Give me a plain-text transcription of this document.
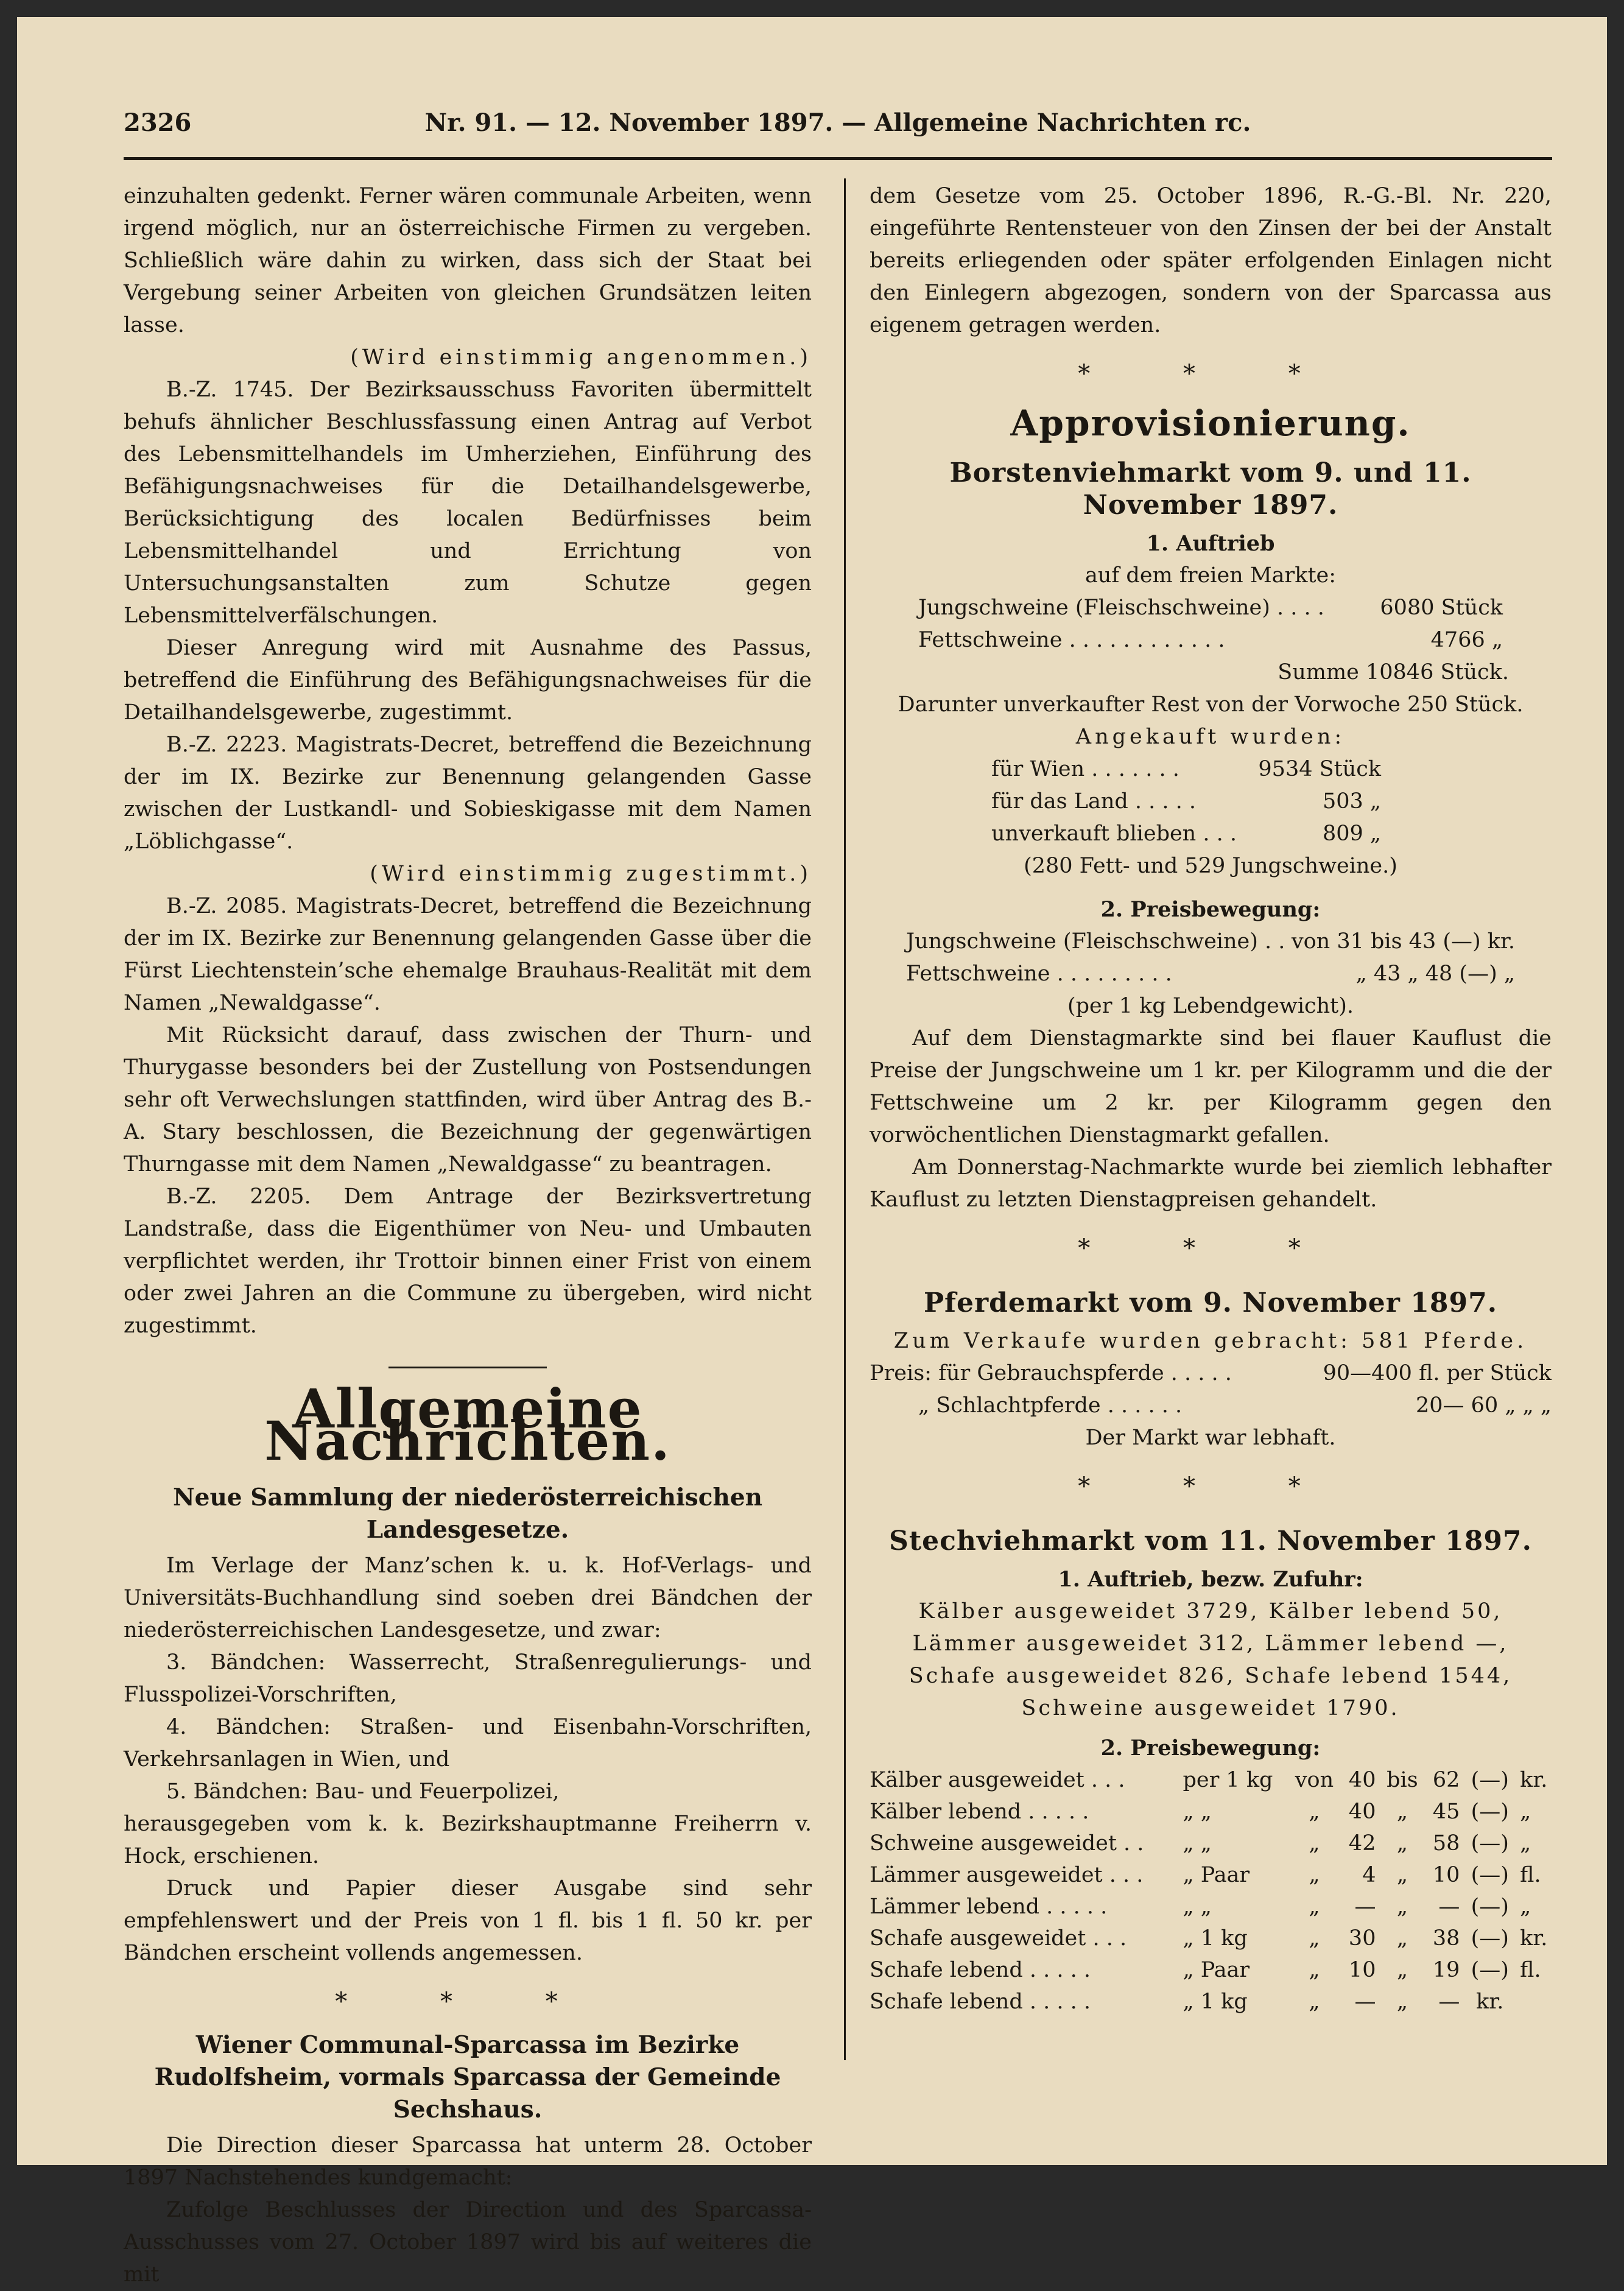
2326	Nr. 91. — 12. November 1897. — Allgemeine Nachrichten rc.

einzuhalten gedenkt. Ferner wären communale Arbeiten, wenn irgend möglich, nur an österreichische Firmen zu vergeben. Schließlich wäre dahin zu wirken, dass sich der Staat bei Vergebung seiner Arbeiten von gleichen Grundsätzen leiten lasse.

(Wird einstimmig angenommen.)

B.-Z. 1745. Der Bezirksausschuss Favoriten übermittelt behufs ähnlicher Beschlussfassung einen Antrag auf Verbot des Lebensmittelhandels im Umherziehen, Einführung des Befähigungsnachweises für die Detailhandelsgewerbe, Berücksichtigung des localen Bedürfnisses beim Lebensmittelhandel und Errichtung von Untersuchungsanstalten zum Schutze gegen Lebensmittelverfälschungen.

Dieser Anregung wird mit Ausnahme des Passus, betreffend die Einführung des Befähigungsnachweises für die Detailhandelsgewerbe, zugestimmt.

B.-Z. 2223. Magistrats-Decret, betreffend die Bezeichnung der im IX. Bezirke zur Benennung gelangenden Gasse zwischen der Lustkandl- und Sobieskigasse mit dem Namen „Löblichgasse“.

(Wird einstimmig zugestimmt.)

B.-Z. 2085. Magistrats-Decret, betreffend die Bezeichnung der im IX. Bezirke zur Benennung gelangenden Gasse über die Fürst Liechtenstein’sche ehemalge Brauhaus-Realität mit dem Namen „Newaldgasse“.

Mit Rücksicht darauf, dass zwischen der Thurn- und Thurygasse besonders bei der Zustellung von Postsendungen sehr oft Verwechslungen stattfinden, wird über Antrag des B.-A. Stary beschlossen, die Bezeichnung der gegenwärtigen Thurngasse mit dem Namen „Newaldgasse“ zu beantragen.

B.-Z. 2205. Dem Antrage der Bezirksvertretung Landstraße, dass die Eigenthümer von Neu- und Umbauten verpflichtet werden, ihr Trottoir binnen einer Frist von einem oder zwei Jahren an die Commune zu übergeben, wird nicht zugestimmt.

Allgemeine Nachrichten.
Neue Sammlung der niederösterreichischen Landesgesetze.

Im Verlage der Manz’schen k. u. k. Hof-Verlags- und Universitäts-Buchhandlung sind soeben drei Bändchen der niederösterreichischen Landesgesetze, und zwar:

3. Bändchen: Wasserrecht, Straßenregulierungs- und Flusspolizei-Vorschriften,

4. Bändchen: Straßen- und Eisenbahn-Vorschriften, Verkehrsanlagen in Wien, und

5. Bändchen: Bau- und Feuerpolizei,

herausgegeben vom k. k. Bezirkshauptmanne Freiherrn v. Hock, erschienen.

Druck und Papier dieser Ausgabe sind sehr empfehlenswert und der Preis von 1 fl. bis 1 fl. 50 kr. per Bändchen erscheint vollends angemessen.

* * *
Wiener Communal-Sparcassa im Bezirke Rudolfsheim, vormals Sparcassa der Gemeinde Sechshaus.

Die Direction dieser Sparcassa hat unterm 28. October 1897 Nachstehendes kundgemacht:

Zufolge Beschlusses der Direction und des Sparcassa-Ausschusses vom 27. October 1897 wird bis auf weiteres die mit

dem Gesetze vom 25. October 1896, R.-G.-Bl. Nr. 220, eingeführte Rentensteuer von den Zinsen der bei der Anstalt bereits erliegenden oder später erfolgenden Einlagen nicht den Einlegern abgezogen, sondern von der Sparcassa aus eigenem getragen werden.

* * *
Approvisionierung.
Borstenviehmarkt vom 9. und 11. November 1897.

1. Auftrieb

auf dem freien Markte:

Jungschweine (Fleischschweine) . . . .	6080 Stück
Fettschweine . . . . . . . . . . . .	4766 „

Summe 10846 Stück.

Darunter unverkaufter Rest von der Vorwoche 250 Stück.

Angekauft wurden:

für Wien . . . . . . .	9534 Stück
für das Land . . . . .	503 „
unverkauft blieben . . .	809 „

(280 Fett- und 529 Jungschweine.)

2. Preisbewegung:

Jungschweine (Fleischschweine) . . von 31 bis 43 (—) kr.
Fettschweine . . . . . . . . .	„ 43 „ 48 (—) „

(per 1 kg Lebendgewicht).

Auf dem Dienstagmarkte sind bei flauer Kauflust die Preise der Jungschweine um 1 kr. per Kilogramm und die der Fettschweine um 2 kr. per Kilogramm gegen den vorwöchentlichen Dienstagmarkt gefallen.

Am Donnerstag-Nachmarkte wurde bei ziemlich lebhafter Kauflust zu letzten Dienstagpreisen gehandelt.

* * *
Pferdemarkt vom 9. November 1897.

Zum Verkaufe wurden gebracht: 581 Pferde.

Preis: für Gebrauchspferde . . . . .	90—400 fl. per Stück
„ Schlachtpferde . . . . . .	20— 60 „ „ „

Der Markt war lebhaft.

* * *
Stechviehmarkt vom 11. November 1897.

1. Auftrieb, bezw. Zufuhr:

Kälber ausgeweidet 3729, Kälber lebend 50, Lämmer ausgeweidet 312, Lämmer lebend —, Schafe ausgeweidet 826, Schafe lebend 1544, Schweine ausgeweidet 1790.

2. Preisbewegung:

Kälber ausgeweidet . . .	per 1 kg	von	40	bis	62	(—)	kr.
Kälber lebend . . . . .	„ „	„	40	„	45	(—)	„
Schweine ausgeweidet . .	„ „	„	42	„	58	(—)	„
Lämmer ausgeweidet . . .	„ Paar	„	4	„	10	(—)	fl.
Lämmer lebend . . . . .	„ „	„	—	„	—	(—)	„
Schafe ausgeweidet . . .	„ 1 kg	„	30	„	38	(—)	kr.
Schafe lebend . . . . .	„ Paar	„	10	„	19	(—)	fl.
Schafe lebend . . . . .	„ 1 kg	„	—	„	—	kr.	
